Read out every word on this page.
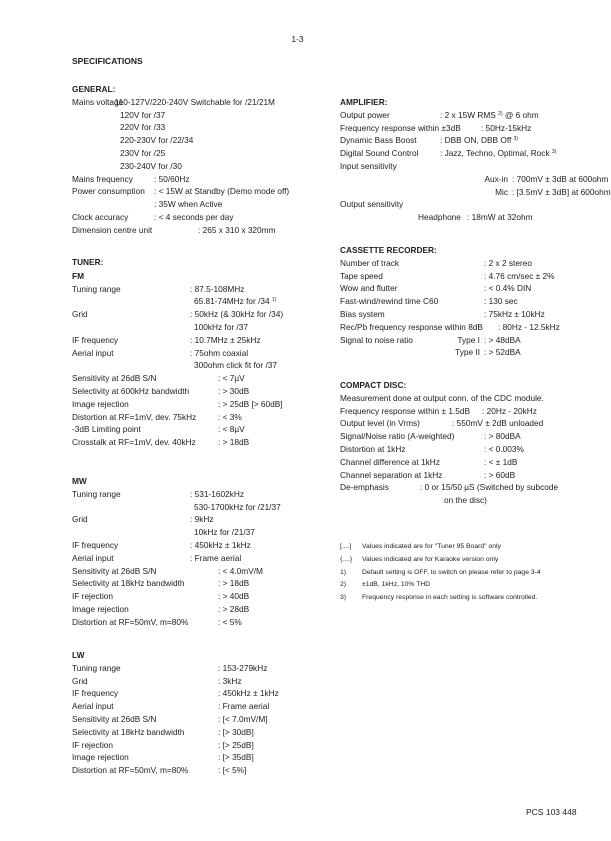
1-3
SPECIFICATIONS
GENERAL:
Mains voltage
: 110-127V/220-240V Switchable for /21/21M
120V for /37
220V for /33
220-230V for /22/34
230V for /25
230-240V for /30
Mains frequency	: 50/60Hz
Power consumption : < 15W at Standby (Demo mode off)
: 35W when Active
Clock accuracy	: < 4 seconds per day
Dimension centre unit	: 265 x 310 x 320mm
TUNER:
FM
Tuning range	: 87.5-108MHz
65.81-74MHz for /34 $^{1)}$
Grid	: 50kHz (& 30kHz for /34)
100kHz for /37
IF frequency	: 10.7MHz ± 25kHz
Aerial input	: 75ohm coaxial
300ohm click fit for /37
Sensitivity at 26dB S/N	: < 7µV
Selectivity at 600kHz bandwidth	: > 30dB
Image rejection	: > 25dB [> 60dB]
Distortion at RF=1mV, dev. 75kHz	: < 3%
-3dB Limiting point	: < 8µV
Crosstalk at RF=1mV, dev. 40kHz	: > 18dB
MW
Tuning range	: 531-1602kHz
530-1700kHz for /21/37
Grid	: 9kHz
10kHz for /21/37
IF frequency	: 450kHz ± 1kHz
Aerial input	: Frame aerial
Sensitivity at 26dB S/N	: < 4.0mV/M
Selectivity at 18kHz bandwidth	: > 18dB
IF rejection	: > 40dB
Image rejection	: > 28dB
Distortion at RF=50mV, m=80%	: < 5%
LW
Tuning range	: 153-279kHz
Grid	: 3kHz
IF frequency	: 450kHz ± 1kHz
Aerial input	: Frame aerial
Sensitivity at 26dB S/N	: [< 7.0mV/M]
Selectivity at 18kHz bandwidth	: [> 30dB]
IF rejection	: [> 25dB]
Image rejection	: [> 35dB]
Distortion at RF=50mV, m=80%	: [< 5%]
AMPLIFIER:
Output power	: 2 x 15W RMS $^{2)}$ @ 6 ohm
Frequency response within ±3dB : 50Hz-15kHz
Dynamic Bass Boost	: DBB ON, DBB Off $^{3)}$
Digital Sound Control	: Jazz, Techno, Optimal, Rock $^{3)}$
Input sensitivity
Aux-in : 700mV ± 3dB at 600ohm
Mic : [3.5mV ± 3dB] at 600ohm
Output sensitivity
Headphone : 18mW at 32ohm
CASSETTE RECORDER:
Number of track	: 2 x 2 stereo
Tape speed	: 4.76 cm/sec ± 2%
Wow and flutter	: < 0.4% DIN
Fast-wind/rewind time C60	: 130 sec
Bias system	: 75kHz ± 10kHz
Rec/Pb frequency response within 8dB : 80Hz - 12.5kHz
Signal to noise ratio	Type I : > 48dBA
Type II : > 52dBA
COMPACT DISC:
Measurement done at output conn. of the CDC module.
Frequency response within ± 1.5dB : 20Hz - 20kHz
Output level (in Vrms)	: 550mV ± 2dB unloaded
Signal/Noise ratio (A-weighted)	: > 80dBA
Distortion at 1kHz	: < 0.003%
Channel difference at 1kHz	: < ± 1dB
Channel separation at 1kHz	: > 60dB
De-emphasis	: 0 or 15/50 µS (Switched by subcode
on the disc)
[....] Values indicated are for "Tuner 95 Board" only
{....} Values indicated are for Karaoke version only
1) Default setting is OFF, to switch on please refer to page 3-4
2) ±1dB, 1kHz, 10% THD
3) Frequency response in each setting is software controlled.
PCS 103 448
